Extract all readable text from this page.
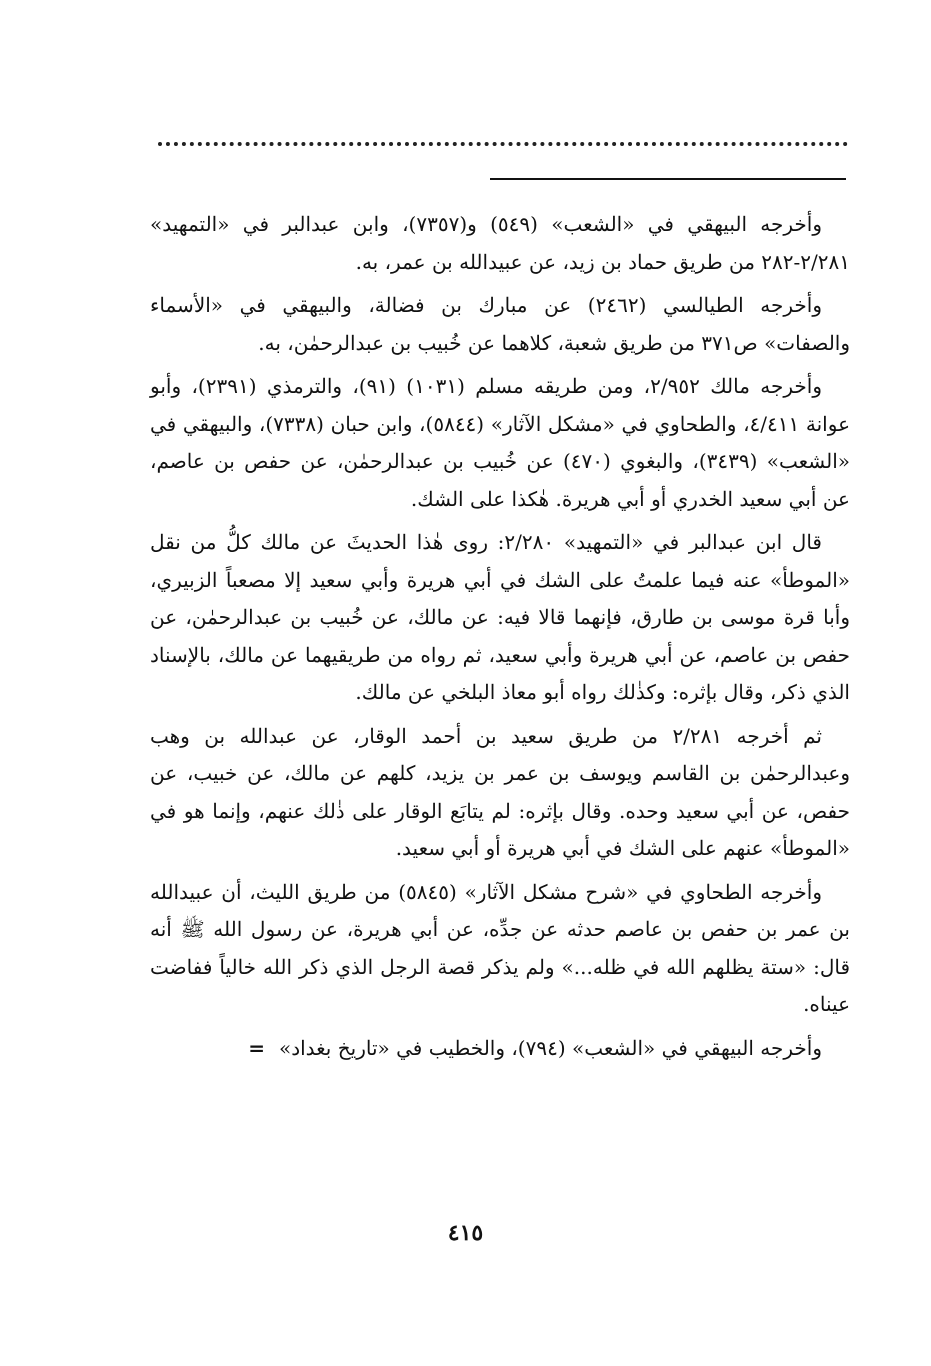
وأخرجه البيهقي في «الشعب» (٥٤٩) و(٧٣٥٧)، وابن عبدالبر في «التمهيد» ٢/٢٨١-٢٨٢ من طريق حماد بن زيد، عن عبيدالله بن عمر، به.

وأخرجه الطيالسي (٢٤٦٢) عن مبارك بن فضالة، والبيهقي في «الأسماء والصفات» ص٣٧١ من طريق شعبة، كلاهما عن خُبيب بن عبدالرحمٰن، به.

وأخرجه مالك ٢/٩٥٢، ومن طريقه مسلم (١٠٣١) (٩١)، والترمذي (٢٣٩١)، وأبو عوانة ٤/٤١١، والطحاوي في «مشكل الآثار» (٥٨٤٤)، وابن حبان (٧٣٣٨)، والبيهقي في «الشعب» (٣٤٣٩)، والبغوي (٤٧٠) عن خُبيب بن عبدالرحمٰن، عن حفص بن عاصم، عن أبي سعيد الخدري أو أبي هريرة. هٰكذا على الشك.

قال ابن عبدالبر في «التمهيد» ٢/٢٨٠: روى هٰذا الحديثَ عن مالك كلُّ من نقل «الموطأ» عنه فيما علمتُ على الشك في أبي هريرة وأبي سعيد إلا مصعباً الزبيري، وأبا قرة موسى بن طارق، فإنهما قالا فيه: عن مالك، عن خُبيب بن عبدالرحمٰن، عن حفص بن عاصم، عن أبي هريرة وأبي سعيد، ثم رواه من طريقيهما عن مالك، بالإسناد الذي ذكر، وقال بإثره: وكذٰلك رواه أبو معاذ البلخي عن مالك.

ثم أخرجه ٢/٢٨١ من طريق سعيد بن أحمد الوقار، عن عبدالله بن وهب وعبدالرحمٰن بن القاسم ويوسف بن عمر بن يزيد، كلهم عن مالك، عن خبيب، عن حفص، عن أبي سعيد وحده. وقال بإثره: لم يتابَع الوقار على ذٰلك عنهم، وإنما هو في «الموطأ» عنهم على الشك في أبي هريرة أو أبي سعيد.

وأخرجه الطحاوي في «شرح مشكل الآثار» (٥٨٤٥) من طريق الليث، أن عبيدالله بن عمر بن حفص بن عاصم حدثه عن جدِّه، عن أبي هريرة، عن رسول الله ﷺ أنه قال: «ستة يظلهم الله في ظله...» ولم يذكر قصة الرجل الذي ذكر الله خالياً ففاضت عيناه.

وأخرجه البيهقي في «الشعب» (٧٩٤)، والخطيب في «تاريخ بغداد»=

٤١٥
